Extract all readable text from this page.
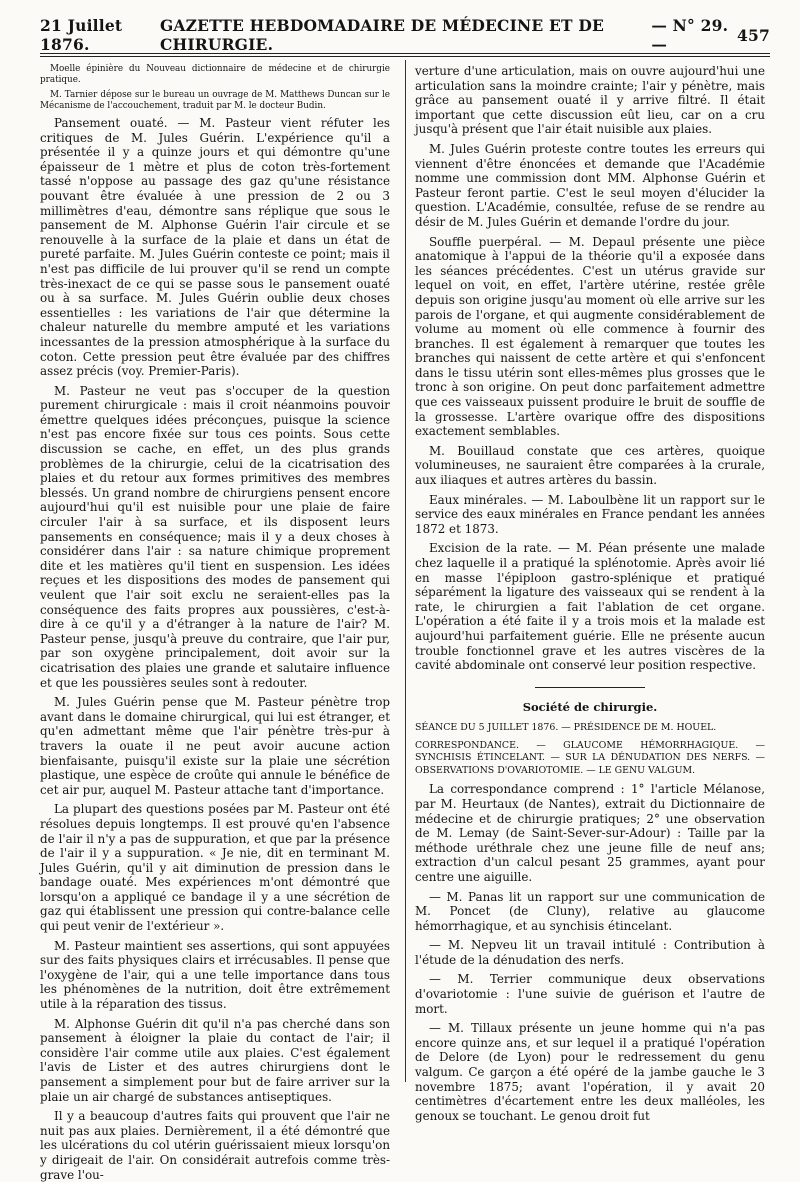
21 Juillet 1876.
GAZETTE HEBDOMADAIRE DE MÉDECINE ET DE CHIRURGIE.
— N° 29. —	457

Moelle épinière du Nouveau dictionnaire de médecine et de chirurgie pratique.

M. Tarnier dépose sur le bureau un ouvrage de M. Matthews Duncan sur le Mécanisme de l'accouchement, traduit par M. le docteur Budin.

Pansement ouaté. — M. Pasteur vient réfuter les critiques de M. Jules Guérin. L'expérience qu'il a présentée il y a quinze jours et qui démontre qu'une épaisseur de 1 mètre et plus de coton très-fortement tassé n'oppose au passage des gaz qu'une résistance pouvant être évaluée à une pression de 2 ou 3 millimètres d'eau, démontre sans réplique que sous le pansement de M. Alphonse Guérin l'air circule et se renouvelle à la surface de la plaie et dans un état de pureté parfaite. M. Jules Guérin conteste ce point; mais il n'est pas difficile de lui prouver qu'il se rend un compte très-inexact de ce qui se passe sous le pansement ouaté ou à sa surface. M. Jules Guérin oublie deux choses essentielles : les variations de l'air que détermine la chaleur naturelle du membre amputé et les variations incessantes de la pression atmosphérique à la surface du coton. Cette pression peut être évaluée par des chiffres assez précis (voy. Premier-Paris).

M. Pasteur ne veut pas s'occuper de la question purement chirurgicale : mais il croit néanmoins pouvoir émettre quelques idées préconçues, puisque la science n'est pas encore fixée sur tous ces points. Sous cette discussion se cache, en effet, un des plus grands problèmes de la chirurgie, celui de la cicatrisation des plaies et du retour aux formes primitives des membres blessés. Un grand nombre de chirurgiens pensent encore aujourd'hui qu'il est nuisible pour une plaie de faire circuler l'air à sa surface, et ils disposent leurs pansements en conséquence; mais il y a deux choses à considérer dans l'air : sa nature chimique proprement dite et les matières qu'il tient en suspension. Les idées reçues et les dispositions des modes de pansement qui veulent que l'air soit exclu ne seraient-elles pas la conséquence des faits propres aux poussières, c'est-à-dire à ce qu'il y a d'étranger à la nature de l'air? M. Pasteur pense, jusqu'à preuve du contraire, que l'air pur, par son oxygène principalement, doit avoir sur la cicatrisation des plaies une grande et salutaire influence et que les poussières seules sont à redouter.

M. Jules Guérin pense que M. Pasteur pénètre trop avant dans le domaine chirurgical, qui lui est étranger, et qu'en admettant même que l'air pénètre très-pur à travers la ouate il ne peut avoir aucune action bienfaisante, puisqu'il existe sur la plaie une sécrétion plastique, une espèce de croûte qui annule le bénéfice de cet air pur, auquel M. Pasteur attache tant d'importance.

La plupart des questions posées par M. Pasteur ont été résolues depuis longtemps. Il est prouvé qu'en l'absence de l'air il n'y a pas de suppuration, et que par la présence de l'air il y a suppuration. « Je nie, dit en terminant M. Jules Guérin, qu'il y ait diminution de pression dans le bandage ouaté. Mes expériences m'ont démontré que lorsqu'on a appliqué ce bandage il y a une sécrétion de gaz qui établissent une pression qui contre-balance celle qui peut venir de l'extérieur ».

M. Pasteur maintient ses assertions, qui sont appuyées sur des faits physiques clairs et irrécusables. Il pense que l'oxygène de l'air, qui a une telle importance dans tous les phénomènes de la nutrition, doit être extrêmement utile à la réparation des tissus.

M. Alphonse Guérin dit qu'il n'a pas cherché dans son pansement à éloigner la plaie du contact de l'air; il considère l'air comme utile aux plaies. C'est également l'avis de Lister et des autres chirurgiens dont le pansement a simplement pour but de faire arriver sur la plaie un air chargé de substances antiseptiques.

Il y a beaucoup d'autres faits qui prouvent que l'air ne nuit pas aux plaies. Dernièrement, il a été démontré que les ulcérations du col utérin guérissaient mieux lorsqu'on y dirigeait de l'air. On considérait autrefois comme très-grave l'ou-

verture d'une articulation, mais on ouvre aujourd'hui une articulation sans la moindre crainte; l'air y pénètre, mais grâce au pansement ouaté il y arrive filtré. Il était important que cette discussion eût lieu, car on a cru jusqu'à présent que l'air était nuisible aux plaies.

M. Jules Guérin proteste contre toutes les erreurs qui viennent d'être énoncées et demande que l'Académie nomme une commission dont MM. Alphonse Guérin et Pasteur feront partie. C'est le seul moyen d'élucider la question. L'Académie, consultée, refuse de se rendre au désir de M. Jules Guérin et demande l'ordre du jour.

Souffle puerpéral. — M. Depaul présente une pièce anatomique à l'appui de la théorie qu'il a exposée dans les séances précédentes. C'est un utérus gravide sur lequel on voit, en effet, l'artère utérine, restée grêle depuis son origine jusqu'au moment où elle arrive sur les parois de l'organe, et qui augmente considérablement de volume au moment où elle commence à fournir des branches. Il est également à remarquer que toutes les branches qui naissent de cette artère et qui s'enfoncent dans le tissu utérin sont elles-mêmes plus grosses que le tronc à son origine. On peut donc parfaitement admettre que ces vaisseaux puissent produire le bruit de souffle de la grossesse. L'artère ovarique offre des dispositions exactement semblables.

M. Bouillaud constate que ces artères, quoique volumineuses, ne sauraient être comparées à la crurale, aux iliaques et autres artères du bassin.

Eaux minérales. — M. Laboulbène lit un rapport sur le service des eaux minérales en France pendant les années 1872 et 1873.

Excision de la rate. — M. Péan présente une malade chez laquelle il a pratiqué la splénotomie. Après avoir lié en masse l'épiploon gastro-splénique et pratiqué séparément la ligature des vaisseaux qui se rendent à la rate, le chirurgien a fait l'ablation de cet organe. L'opération a été faite il y a trois mois et la malade est aujourd'hui parfaitement guérie. Elle ne présente aucun trouble fonctionnel grave et les autres viscères de la cavité abdominale ont conservé leur position respective.

Société de chirurgie.

SÉANCE DU 5 JUILLET 1876. — PRÉSIDENCE DE M. HOUEL.

CORRESPONDANCE. — GLAUCOME HÉMORRHAGIQUE. — SYNCHISIS ÉTINCELANT. — SUR LA DÉNUDATION DES NERFS. — OBSERVATIONS D'OVARIOTOMIE. — LE GENU VALGUM.

La correspondance comprend : 1° l'article Mélanose, par M. Heurtaux (de Nantes), extrait du Dictionnaire de médecine et de chirurgie pratiques; 2° une observation de M. Lemay (de Saint-Sever-sur-Adour) : Taille par la méthode uréthrale chez une jeune fille de neuf ans; extraction d'un calcul pesant 25 grammes, ayant pour centre une aiguille.

— M. Panas lit un rapport sur une communication de M. Poncet (de Cluny), relative au glaucome hémorrhagique, et au synchisis étincelant.

— M. Nepveu lit un travail intitulé : Contribution à l'étude de la dénudation des nerfs.

— M. Terrier communique deux observations d'ovariotomie : l'une suivie de guérison et l'autre de mort.

— M. Tillaux présente un jeune homme qui n'a pas encore quinze ans, et sur lequel il a pratiqué l'opération de Delore (de Lyon) pour le redressement du genu valgum. Ce garçon a été opéré de la jambe gauche le 3 novembre 1875; avant l'opération, il y avait 20 centimètres d'écartement entre les deux malléoles, les genoux se touchant. Le genou droit fut
